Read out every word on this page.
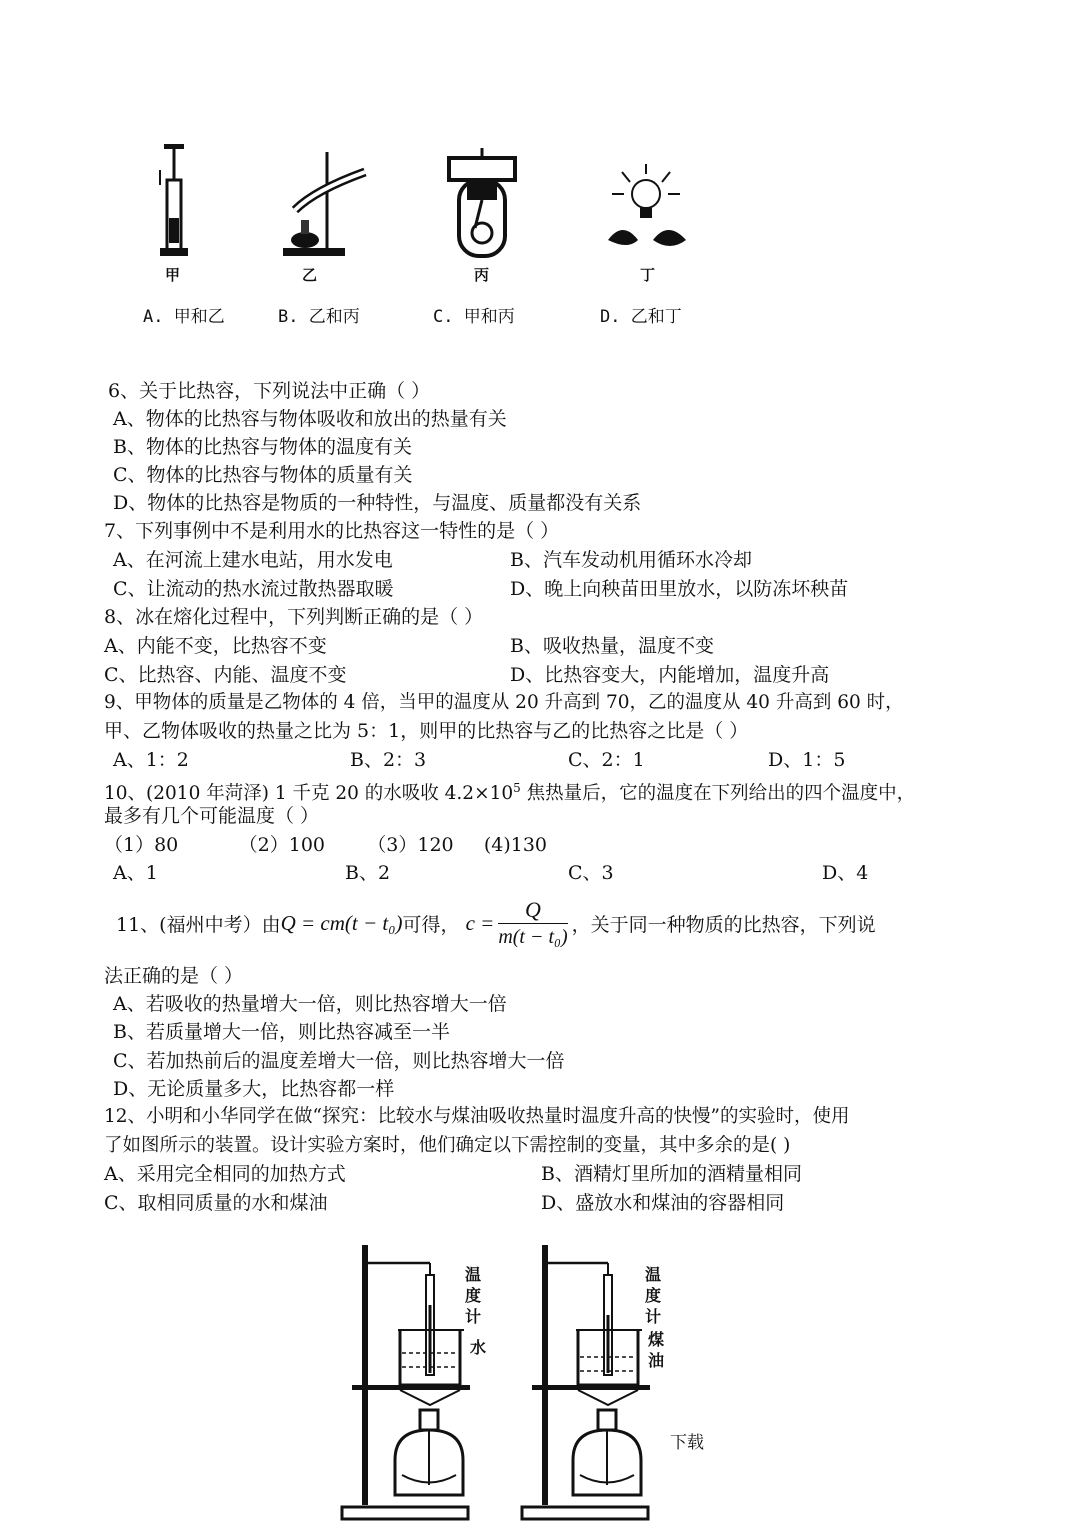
甲	乙	丙	丁
A. 甲和乙	B. 乙和丙	C. 甲和丙	D. 乙和丁
6、关于比热容，下列说法中正确（ ）
A、物体的比热容与物体吸收和放出的热量有关
B、物体的比热容与物体的温度有关
C、物体的比热容与物体的质量有关
D、物体的比热容是物质的一种特性，与温度、质量都没有关系
7、下列事例中不是利用水的比热容这一特性的是（ ）
A、在河流上建水电站，用水发电	B、汽车发动机用循环水冷却
C、让流动的热水流过散热器取暖	D、晚上向秧苗田里放水，以防冻坏秧苗
8、冰在熔化过程中，下列判断正确的是（ ）
A、内能不变，比热容不变	B、吸收热量，温度不变
C、比热容、内能、温度不变	D、比热容变大，内能增加，温度升高
9、甲物体的质量是乙物体的 4 倍，当甲的温度从 20 升高到 70，乙的温度从 40 升高到 60 时，
甲、乙物体吸收的热量之比为 5：1，则甲的比热容与乙的比热容之比是（ ）
A、1：2	B、2：3	C、2：1	D、1：5
10、(2010 年菏泽) 1 千克 20 的水吸收 $4.2\times 10^5$ 焦热量后，它的温度在下列给出的四个温度中，
最多有几个可能温度（ ）
（1）80          （2）100       （3）120     (4)130
A、1	B、2	C、3	D、4
11、(福州中考）由 Q = cm(t − t₀) 可得， $c = \frac{Q}{\text{m(t − t₀)}}$ ，关于同一种物质的比热容，下列说
法正确的是（ ）
A、若吸收的热量增大一倍，则比热容增大一倍
B、若质量增大一倍，则比热容减至一半
C、若加热前后的温度差增大一倍，则比热容增大一倍
D、无论质量多大，比热容都一样
12、小明和小华同学在做“探究：比较水与煤油吸收热量时温度升高的快慢”的实验时，使用
了如图所示的装置。设计实验方案时，他们确定以下需控制的变量，其中多余的是( )
A、采用完全相同的加热方式	B、酒精灯里所加的酒精量相同
C、取相同质量的水和煤油	D、盛放水和煤油的容器相同
温
度
计
水
温
度
计
煤
油
下载
